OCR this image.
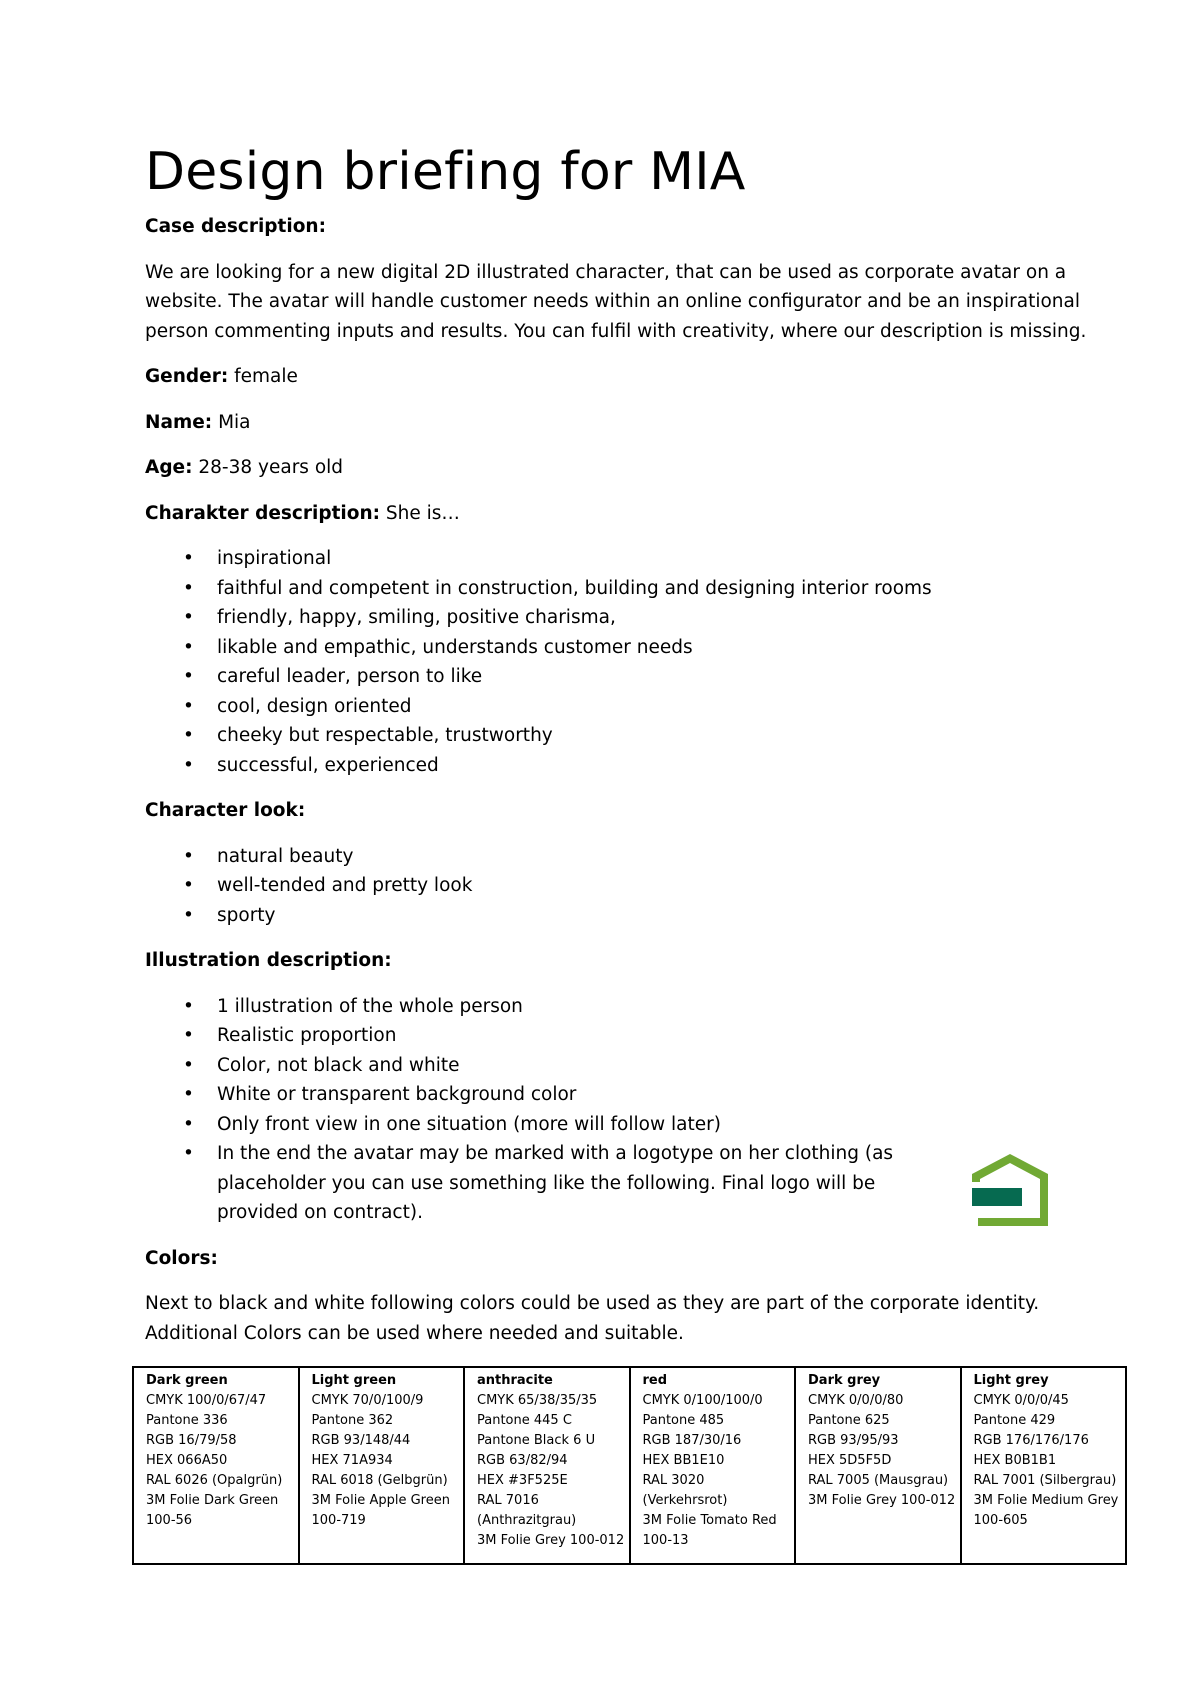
Design briefing for MIA

Case description:

We are looking for a new digital 2D illustrated character, that can be used as corporate avatar on a website. The avatar will handle customer needs within an online configurator and be an inspirational person commenting inputs and results. You can fulfil with creativity, where our description is missing.

Gender: female

Name: Mia

Age: 28-38 years old

Charakter description: She is…

• inspirational
• faithful and competent in construction, building and designing interior rooms
• friendly, happy, smiling, positive charisma,
• likable and empathic, understands customer needs
• careful leader, person to like
• cool, design oriented
• cheeky but respectable, trustworthy
• successful, experienced

Character look:

• natural beauty
• well-tended and pretty look
• sporty

Illustration description:

• 1 illustration of the whole person
• Realistic proportion
• Color, not black and white
• White or transparent background color
• Only front view in one situation (more will follow later)
• In the end the avatar may be marked with a logotype on her clothing (as placeholder you can use something like the following. Final logo will be provided on contract).

Colors:

Next to black and white following colors could be used as they are part of the corporate identity. Additional Colors can be used where needed and suitable.

Dark green
CMYK 100/0/67/47
Pantone 336
RGB 16/79/58
HEX 066A50
RAL 6026 (Opalgrün)
3M Folie Dark Green 100-56

Light green
CMYK 70/0/100/9
Pantone 362
RGB 93/148/44
HEX 71A934
RAL 6018 (Gelbgrün)
3M Folie Apple Green 100-719

anthracite
CMYK 65/38/35/35
Pantone 445 C
Pantone Black 6 U
RGB 63/82/94
HEX #3F525E
RAL 7016 (Anthrazitgrau)
3M Folie Grey 100-012

red
CMYK 0/100/100/0
Pantone 485
RGB 187/30/16
HEX BB1E10
RAL 3020 (Verkehrsrot)
3M Folie Tomato Red 100-13

Dark grey
CMYK 0/0/0/80
Pantone 625
RGB 93/95/93
HEX 5D5F5D
RAL 7005 (Mausgrau)
3M Folie Grey 100-012

Light grey
CMYK 0/0/0/45
Pantone 429
RGB 176/176/176
HEX B0B1B1
RAL 7001 (Silbergrau)
3M Folie Medium Grey 100-605
